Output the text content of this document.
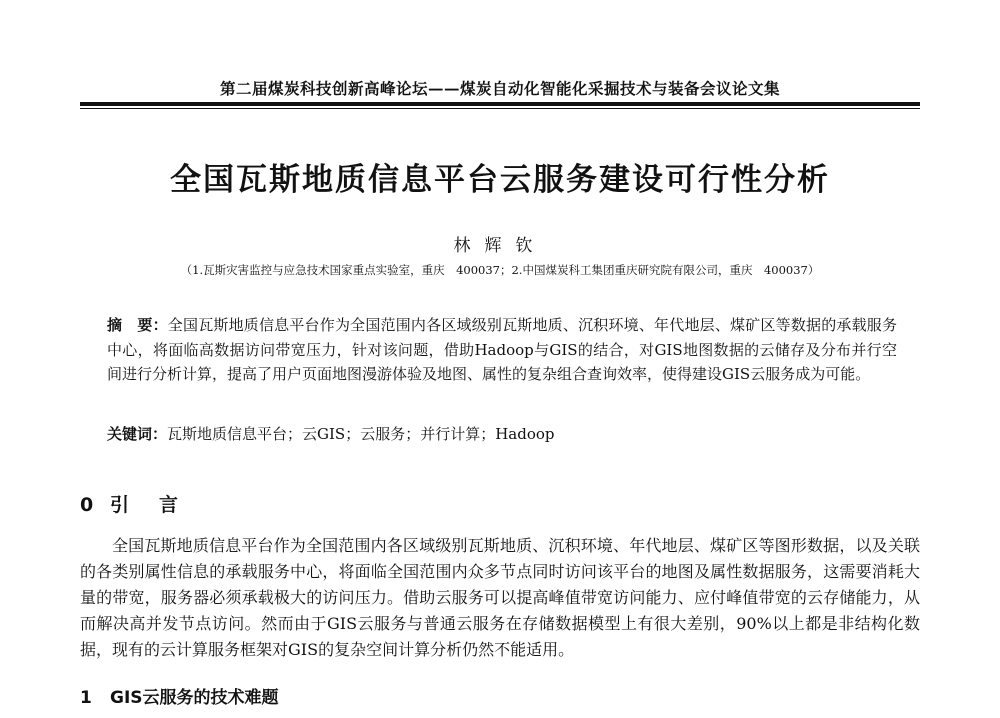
第二届煤炭科技创新高峰论坛——煤炭自动化智能化采掘技术与装备会议论文集
全国瓦斯地质信息平台云服务建设可行性分析
林辉钦
（1.瓦斯灾害监控与应急技术国家重点实验室，重庆　400037；2.中国煤炭科工集团重庆研究院有限公司，重庆　400037）
摘　要：全国瓦斯地质信息平台作为全国范围内各区域级别瓦斯地质、沉积环境、年代地层、煤矿区等数据的承载服务中心，将面临高数据访问带宽压力，针对该问题，借助Hadoop与GIS的结合，对GIS地图数据的云储存及分布并行空间进行分析计算，提高了用户页面地图漫游体验及地图、属性的复杂组合查询效率，使得建设GIS云服务成为可能。
关键词：瓦斯地质信息平台；云GIS；云服务；并行计算；Hadoop
0 引言
全国瓦斯地质信息平台作为全国范围内各区域级别瓦斯地质、沉积环境、年代地层、煤矿区等图形数据，以及关联的各类别属性信息的承载服务中心，将面临全国范围内众多节点同时访问该平台的地图及属性数据服务，这需要消耗大量的带宽，服务器必须承载极大的访问压力。借助云服务可以提高峰值带宽访问能力、应付峰值带宽的云存储能力，从而解决高并发节点访问。然而由于GIS云服务与普通云服务在存储数据模型上有很大差别，90%以上都是非结构化数据，现有的云计算服务框架对GIS的复杂空间计算分析仍然不能适用。
1 GIS云服务的技术难题
